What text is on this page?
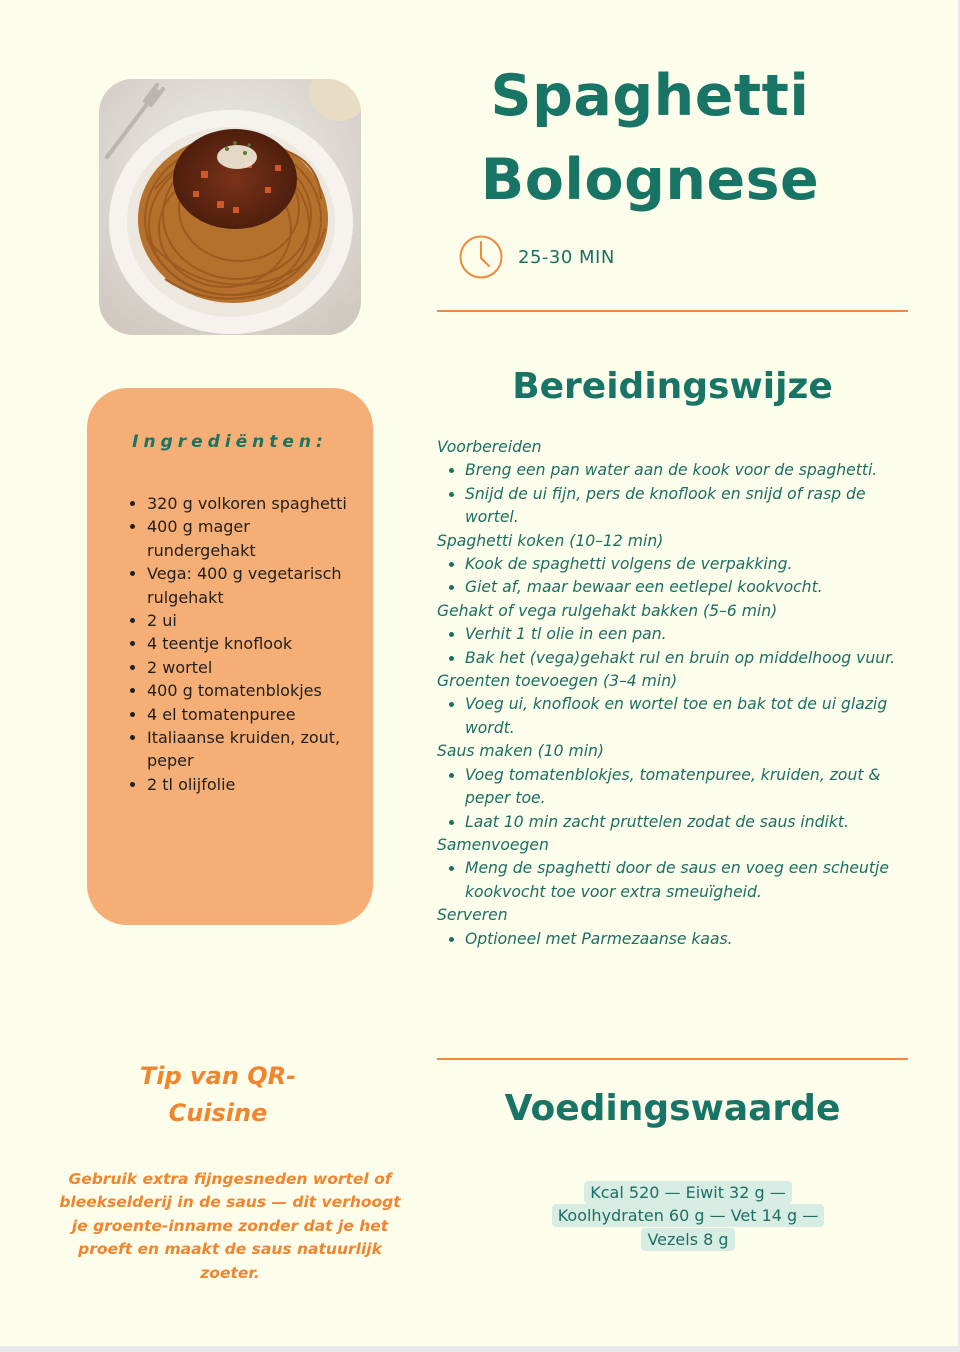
Spaghetti
Bolognese
25-30 MIN
Ingrediënten:
• 320 g volkoren spaghetti
• 400 g mager rundergehakt
• Vega: 400 g vegetarisch rulgehakt
• 2 ui
• 4 teentje knoflook
• 2 wortel
• 400 g tomatenblokjes
• 4 el tomatenpuree
• Italiaanse kruiden, zout, peper
• 2 tl olijfolie
Bereidingswijze

Voorbereiden

• Breng een pan water aan de kook voor de spaghetti.
• Snijd de ui fijn, pers de knoflook en snijd of rasp de wortel.

Spaghetti koken (10–12 min)

• Kook de spaghetti volgens de verpakking.
• Giet af, maar bewaar een eetlepel kookvocht.

Gehakt of vega rulgehakt bakken (5–6 min)

• Verhit 1 tl olie in een pan.
• Bak het (vega)gehakt rul en bruin op middelhoog vuur.

Groenten toevoegen (3–4 min)

• Voeg ui, knoflook en wortel toe en bak tot de ui glazig wordt.

Saus maken (10 min)

• Voeg tomatenblokjes, tomatenpuree, kruiden, zout & peper toe.
• Laat 10 min zacht pruttelen zodat de saus indikt.

Samenvoegen

• Meng de spaghetti door de saus en voeg een scheutje kookvocht toe voor extra smeuïgheid.

Serveren

• Optioneel met Parmezaanse kaas.
Tip van QR-Cuisine
Gebruik extra fijngesneden wortel of bleekselderij in de saus — dit verhoogt je groente-inname zonder dat je het proeft en maakt de saus natuurlijk zoeter.
Voedingswaarde
Kcal 520 — Eiwit 32 g — Koolhydraten 60 g — Vet 14 g — Vezels 8 g
